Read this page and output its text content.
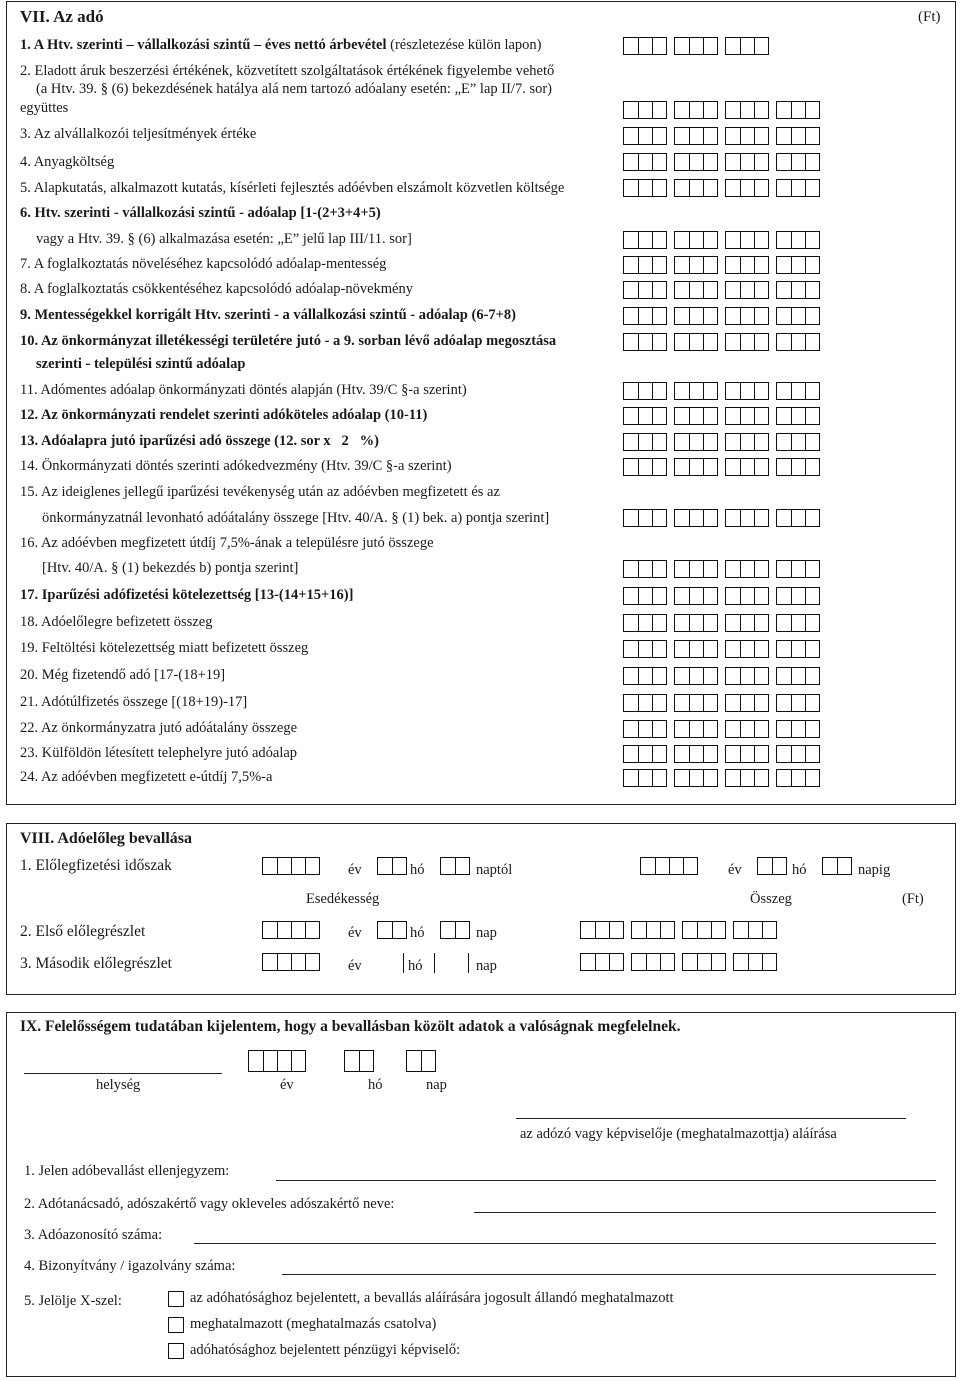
VII. Az adó	(Ft)
1. A Htv. szerinti – vállalkozási szintű – éves nettó árbevétel (részletezése külön lapon)
2. Eladott áruk beszerzési értékének, közvetített szolgáltatások értékének figyelembe vehető
(a Htv. 39. § (6) bekezdésének hatálya alá nem tartozó adóalany esetén: „E” lap II/7. sor)
együttes
3. Az alvállalkozói teljesítmények értéke
4. Anyagköltség
5. Alapkutatás, alkalmazott kutatás, kísérleti fejlesztés adóévben elszámolt közvetlen költsége
6. Htv. szerinti - vállalkozási szintű - adóalap [1-(2+3+4+5)
vagy a Htv. 39. § (6) alkalmazása esetén: „E” jelű lap III/11. sor]
7. A foglalkoztatás növeléséhez kapcsolódó adóalap-mentesség
8. A foglalkoztatás csökkentéséhez kapcsolódó adóalap-növekmény
9. Mentességekkel korrigált Htv. szerinti - a vállalkozási szintű - adóalap (6-7+8)
10. Az önkormányzat illetékességi területére jutó - a 9. sorban lévő adóalap megosztása
szerinti - települési szintű adóalap
11. Adómentes adóalap önkormányzati döntés alapján (Htv. 39/C §-a szerint)
12. Az önkormányzati rendelet szerinti adóköteles adóalap (10-11)
13. Adóalapra jutó iparűzési adó összege (12. sor x   2   %)
14. Önkormányzati döntés szerinti adókedvezmény (Htv. 39/C §-a szerint)
15. Az ideiglenes jellegű iparűzési tevékenység után az adóévben megfizetett és az
önkormányzatnál levonható adóátalány összege [Htv. 40/A. § (1) bek. a) pontja szerint]
16. Az adóévben megfizetett útdíj 7,5%-ának a településre jutó összege
[Htv. 40/A. § (1) bekezdés b) pontja szerint]
17. Iparűzési adófizetési kötelezettség [13-(14+15+16)]
18. Adóelőlegre befizetett összeg
19. Feltöltési kötelezettség miatt befizetett összeg
20. Még fizetendő adó [17-(18+19]
21. Adótúlfizetés összege [(18+19)-17]
22. Az önkormányzatra jutó adóátalány összege
23. Külföldön létesített telephelyre jutó adóalap
24. Az adóévben megfizetett e-útdíj 7,5%-a
VIII. Adóelőleg bevallása
1. Előlegfizetési időszak	év	hó	naptól	év	hó	napig
Esedékesség	Összeg	(Ft)
2. Első előlegrészlet	év	hó	nap
3. Második előlegrészlet	év	hó	nap
IX. Felelősségem tudatában kijelentem, hogy a bevallásban közölt adatok a valóságnak megfelelnek.
helység	év	hó	nap
az adózó vagy képviselője (meghatalmazottja) aláírása
1. Jelen adóbevallást ellenjegyzem:
2. Adótanácsadó, adószakértő vagy okleveles adószakértő neve:
3. Adóazonosító száma:
4. Bizonyítvány / igazolvány száma:
5. Jelölje X-szel:	az adóhatósághoz bejelentett, a bevallás aláírására jogosult állandó meghatalmazott
meghatalmazott (meghatalmazás csatolva)
adóhatósághoz bejelentett pénzügyi képviselő:
